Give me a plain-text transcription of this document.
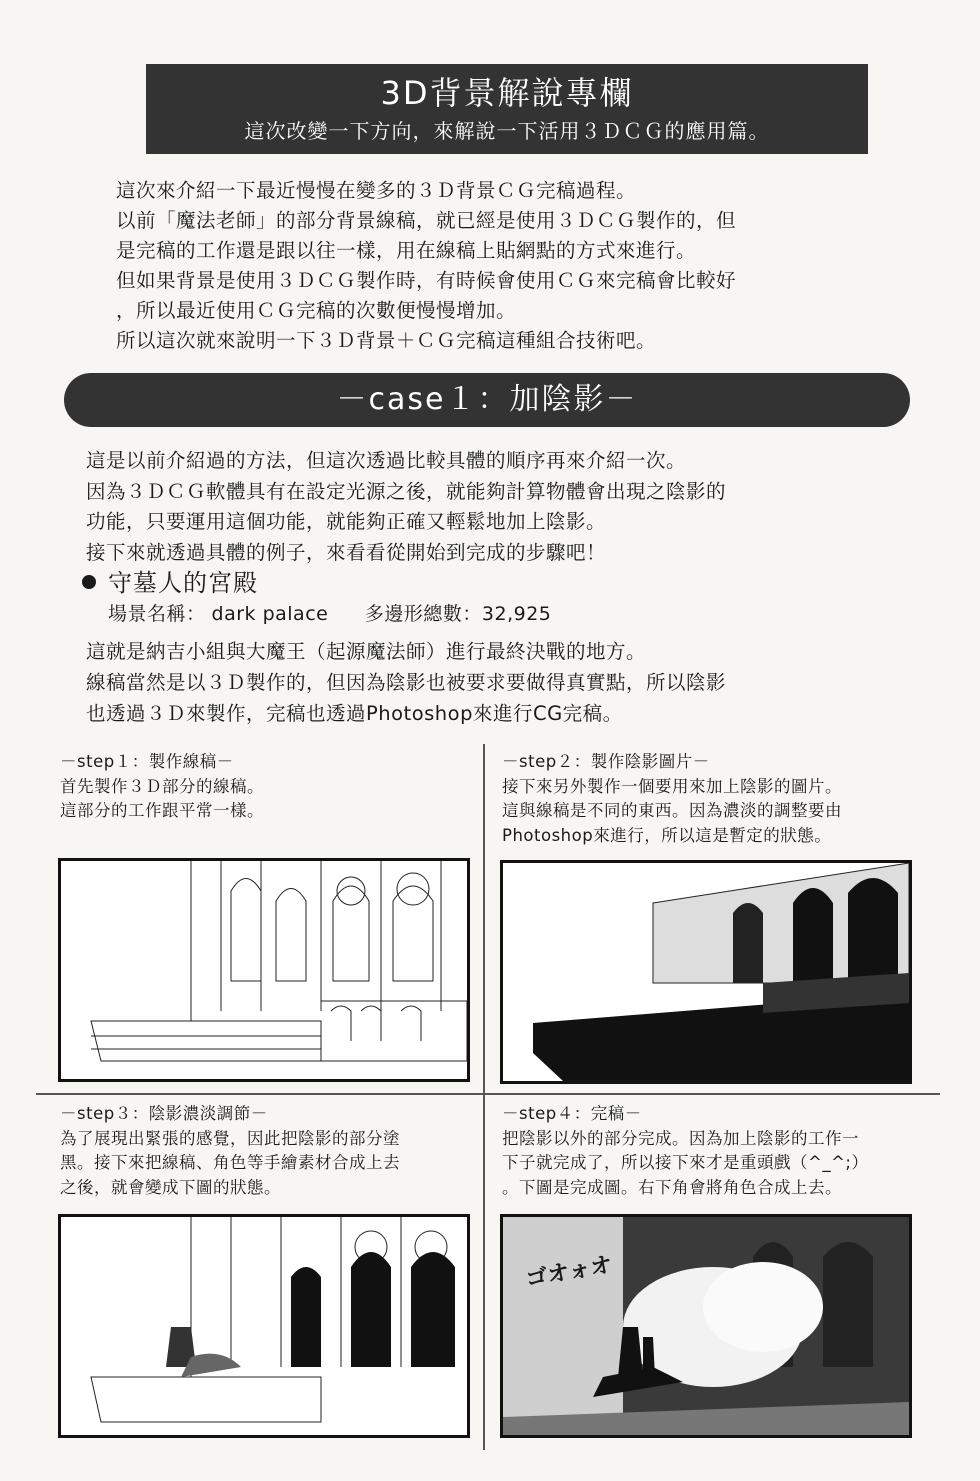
3D背景解說專欄
這次改變一下方向，來解說一下活用３ＤＣＧ的應用篇。
這次來介紹一下最近慢慢在變多的３Ｄ背景ＣＧ完稿過程。
以前「魔法老師」的部分背景線稿，就已經是使用３ＤＣＧ製作的，但
是完稿的工作還是跟以往一樣，用在線稿上貼網點的方式來進行。
但如果背景是使用３ＤＣＧ製作時，有時候會使用ＣＧ來完稿會比較好
，所以最近使用ＣＧ完稿的次數便慢慢增加。
所以這次就來說明一下３Ｄ背景＋ＣＧ完稿這種組合技術吧。
－case１：加陰影－
這是以前介紹過的方法，但這次透過比較具體的順序再來介紹一次。
因為３ＤＣＧ軟體具有在設定光源之後，就能夠計算物體會出現之陰影的
功能，只要運用這個功能，就能夠正確又輕鬆地加上陰影。
接下來就透過具體的例子，來看看從開始到完成的步驟吧！
守墓人的宮殿
場景名稱： dark palace 多邊形總數：32,925
這就是納吉小組與大魔王（起源魔法師）進行最終決戰的地方。
線稿當然是以３Ｄ製作的，但因為陰影也被要求要做得真實點，所以陰影
也透過３Ｄ來製作，完稿也透過Photoshop來進行CG完稿。
－step１：製作線稿－
首先製作３Ｄ部分的線稿。
這部分的工作跟平常一樣。
－step２：製作陰影圖片－
接下來另外製作一個要用來加上陰影的圖片。
這與線稿是不同的東西。因為濃淡的調整要由
Photoshop來進行，所以這是暫定的狀態。
－step３：陰影濃淡調節－
為了展現出緊張的感覺，因此把陰影的部分塗
黑。接下來把線稿、角色等手繪素材合成上去
之後，就會變成下圖的狀態。
－step４：完稿－
把陰影以外的部分完成。因為加上陰影的工作一
下子就完成了，所以接下來才是重頭戲（^_^;）
。下圖是完成圖。右下角會將角色合成上去。
ゴオォオ
